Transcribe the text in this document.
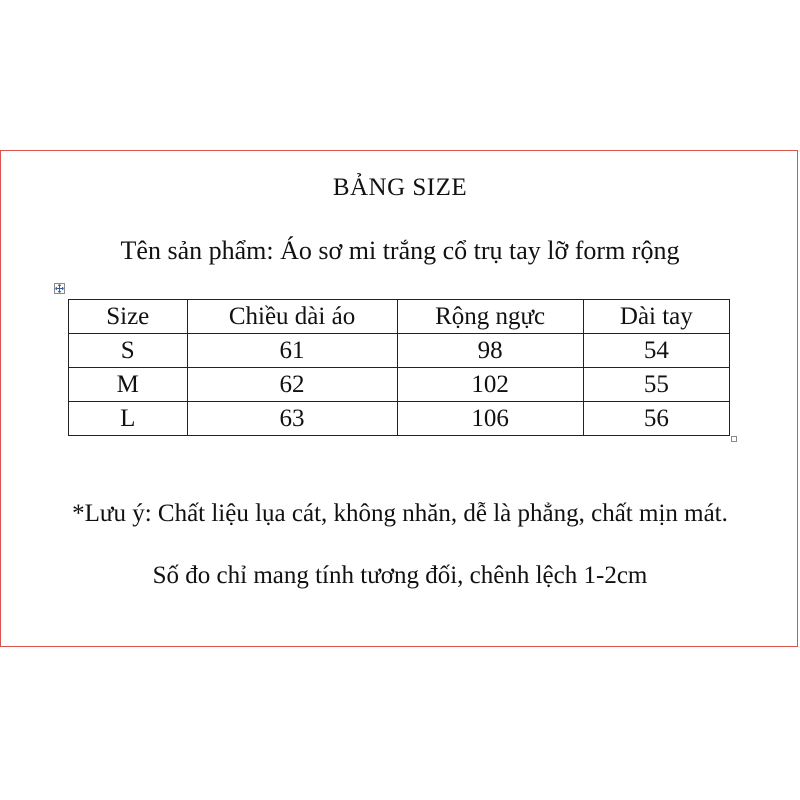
BẢNG SIZE
Tên sản phẩm: Áo sơ mi trắng cổ trụ tay lỡ form rộng
Size	Chiều dài áo	Rộng ngực	Dài tay
S	61	98	54
M	62	102	55
L	63	106	56
*Lưu ý: Chất liệu lụa cát, không nhăn, dễ là phẳng, chất mịn mát.
Số đo chỉ mang tính tương đối, chênh lệch 1-2cm
